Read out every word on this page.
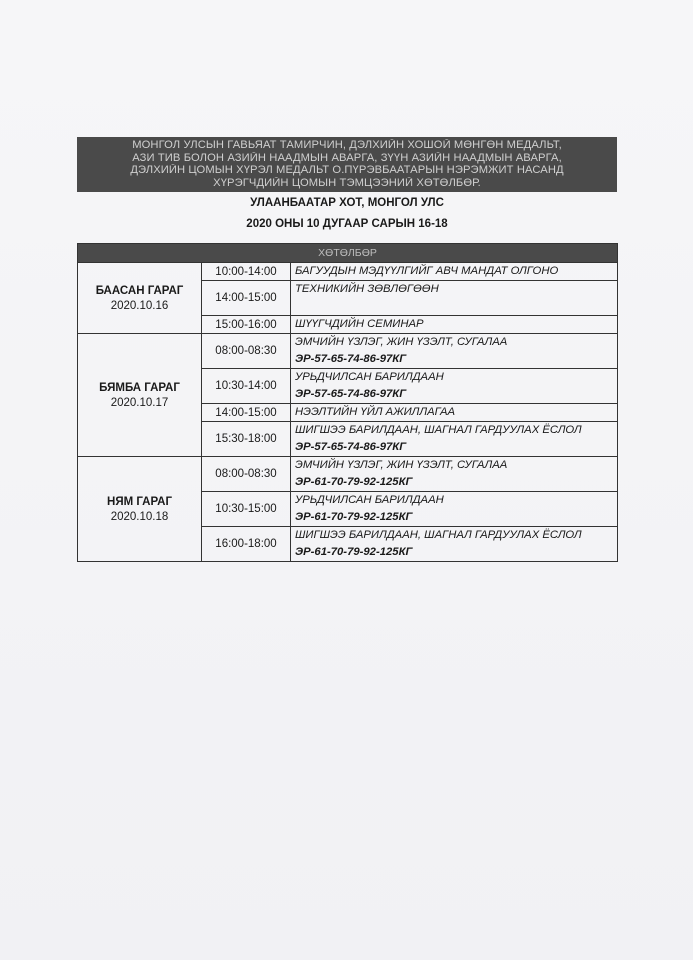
МОНГОЛ УЛСЫН ГАВЬЯАТ ТАМИРЧИН, ДЭЛХИЙН ХОШОЙ МӨНГӨН МЕДАЛЬТ,
АЗИ ТИВ БОЛОН АЗИЙН НААДМЫН АВАРГА, ЗҮҮН АЗИЙН НААДМЫН АВАРГА,
ДЭЛХИЙН ЦОМЫН ХҮРЭЛ МЕДАЛЬТ О.ПҮРЭВБААТАРЫН НЭРЭМЖИТ НАСАНД
ХҮРЭГЧДИЙН ЦОМЫН ТЭМЦЭЭНИЙ ХӨТӨЛБӨР.
УЛААНБААТАР ХОТ, МОНГОЛ УЛС
2020 ОНЫ 10 ДУГААР САРЫН 16-18
ХӨТӨЛБӨР		

БААСАН ГАРАГ
2020.10.16	10:00-14:00	БАГУУДЫН МЭДҮҮЛГИЙГ АВЧ МАНДАТ ОЛГОНО
	14:00-15:00	ТЕХНИКИЙН ЗӨВЛӨГӨӨН
	15:00-16:00	ШҮҮГЧДИЙН СЕМИНАР

БЯМБА ГАРАГ
2020.10.17	08:00-08:30	ЭМЧИЙН ҮЗЛЭГ, ЖИН ҮЗЭЛТ, СУГАЛАА
ЭР-57-65-74-86-97КГ

	10:30-14:00	УРЬДЧИЛСАН БАРИЛДААН
ЭР-57-65-74-86-97КГ

	14:00-15:00	НЭЭЛТИЙН ҮЙЛ АЖИЛЛАГАА
	15:30-18:00	ШИГШЭЭ БАРИЛДААН, ШАГНАЛ ГАРДУУЛАХ ЁСЛОЛ
ЭР-57-65-74-86-97КГ

НЯМ ГАРАГ
2020.10.18	08:00-08:30	ЭМЧИЙН ҮЗЛЭГ, ЖИН ҮЗЭЛТ, СУГАЛАА
ЭР-61-70-79-92-125КГ

	10:30-15:00	УРЬДЧИЛСАН БАРИЛДААН
ЭР-61-70-79-92-125КГ

	16:00-18:00	ШИГШЭЭ БАРИЛДААН, ШАГНАЛ ГАРДУУЛАХ ЁСЛОЛ
ЭР-61-70-79-92-125КГ
